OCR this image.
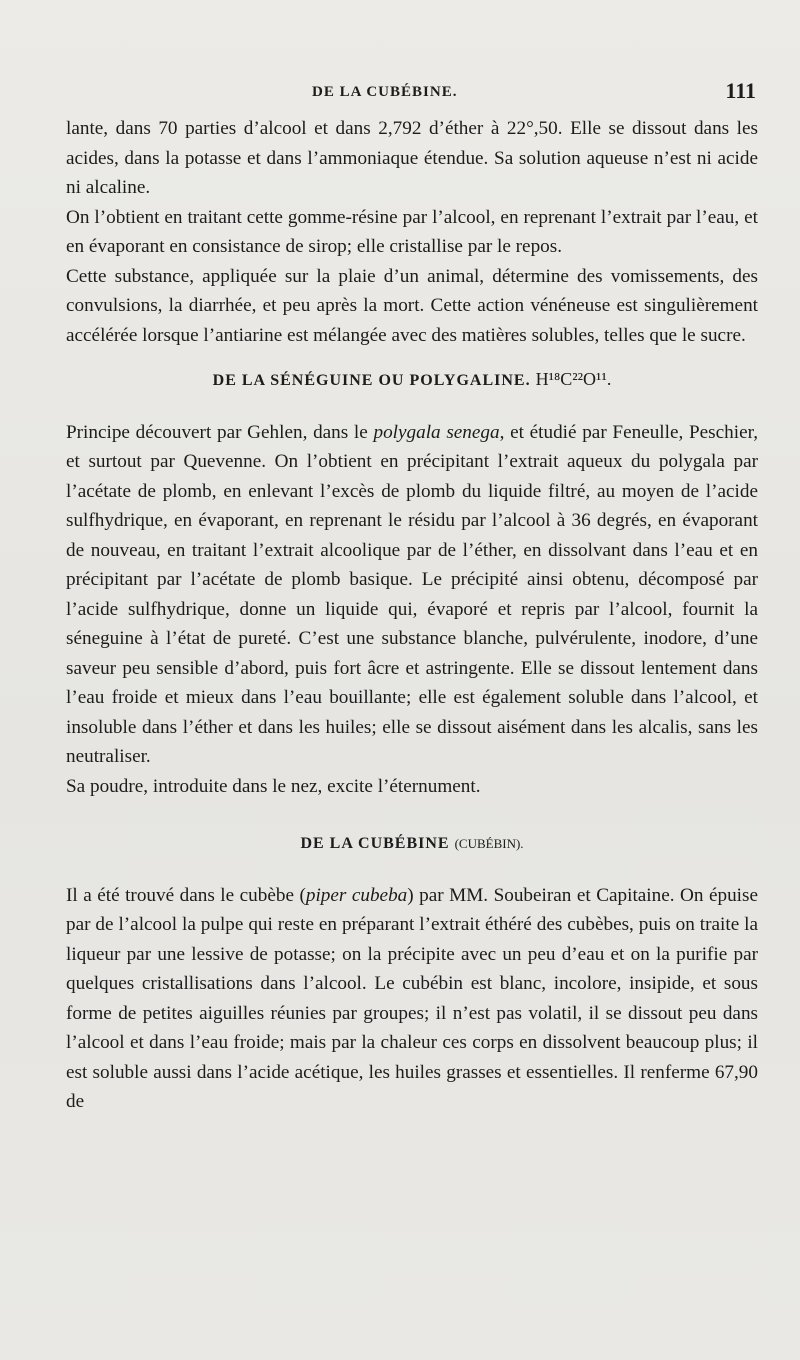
DE LA CUBÉBINE.	111

lante, dans 70 parties d’alcool et dans 2,792 d’éther à 22°,50. Elle se dissout dans les acides, dans la potasse et dans l’ammoniaque étendue. Sa solution aqueuse n’est ni acide ni alcaline.

On l’obtient en traitant cette gomme-résine par l’alcool, en reprenant l’extrait par l’eau, et en évaporant en consistance de sirop; elle cristallise par le repos.

Cette substance, appliquée sur la plaie d’un animal, détermine des vomissements, des convulsions, la diarrhée, et peu après la mort. Cette action vénéneuse est singulièrement accélérée lorsque l’antiarine est mélangée avec des matières solubles, telles que le sucre.

DE LA SÉNÉGUINE OU POLYGALINE. H¹⁸C²²O¹¹.

Principe découvert par Gehlen, dans le polygala senega, et étudié par Feneulle, Peschier, et surtout par Quevenne. On l’obtient en précipitant l’extrait aqueux du polygala par l’acétate de plomb, en enlevant l’excès de plomb du liquide filtré, au moyen de l’acide sulfhydrique, en évaporant, en reprenant le résidu par l’alcool à 36 degrés, en évaporant de nouveau, en traitant l’extrait alcoolique par de l’éther, en dissolvant dans l’eau et en précipitant par l’acétate de plomb basique. Le précipité ainsi obtenu, décomposé par l’acide sulfhydrique, donne un liquide qui, évaporé et repris par l’alcool, fournit la séneguine à l’état de pureté. C’est une substance blanche, pulvérulente, inodore, d’une saveur peu sensible d’abord, puis fort âcre et astringente. Elle se dissout lentement dans l’eau froide et mieux dans l’eau bouillante; elle est également soluble dans l’alcool, et insoluble dans l’éther et dans les huiles; elle se dissout aisément dans les alcalis, sans les neutraliser.

Sa poudre, introduite dans le nez, excite l’éternument.

DE LA CUBÉBINE (CUBÉBIN).

Il a été trouvé dans le cubèbe (piper cubeba) par MM. Soubeiran et Capitaine. On épuise par de l’alcool la pulpe qui reste en préparant l’extrait éthéré des cubèbes, puis on traite la liqueur par une lessive de potasse; on la précipite avec un peu d’eau et on la purifie par quelques cristallisations dans l’alcool. Le cubébin est blanc, incolore, insipide, et sous forme de petites aiguilles réunies par groupes; il n’est pas volatil, il se dissout peu dans l’alcool et dans l’eau froide; mais par la chaleur ces corps en dissolvent beaucoup plus; il est soluble aussi dans l’acide acétique, les huiles grasses et essentielles. Il renferme 67,90 de
